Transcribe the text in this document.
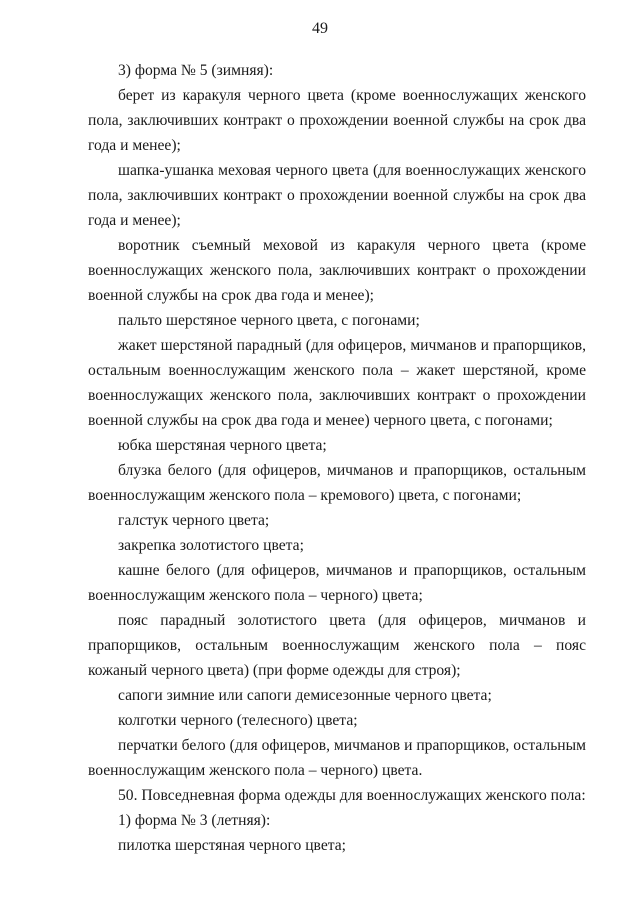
49

3) форма № 5 (зимняя):

берет из каракуля черного цвета (кроме военнослужащих женского пола, заключивших контракт о прохождении военной службы на срок два года и менее);

шапка-ушанка меховая черного цвета (для военнослужащих женского пола, заключивших контракт о прохождении военной службы на срок два года и менее);

воротник съемный меховой из каракуля черного цвета (кроме военнослужащих женского пола, заключивших контракт о прохождении военной службы на срок два года и менее);

пальто шерстяное черного цвета, с погонами;

жакет шерстяной парадный (для офицеров, мичманов и прапорщиков, остальным военнослужащим женского пола – жакет шерстяной, кроме военнослужащих женского пола, заключивших контракт о прохождении военной службы на срок два года и менее) черного цвета, с погонами;

юбка шерстяная черного цвета;

блузка белого (для офицеров, мичманов и прапорщиков, остальным военнослужащим женского пола – кремового) цвета, с погонами;

галстук черного цвета;

закрепка золотистого цвета;

кашне белого (для офицеров, мичманов и прапорщиков, остальным военнослужащим женского пола – черного) цвета;

пояс парадный золотистого цвета (для офицеров, мичманов и прапорщиков, остальным военнослужащим женского пола – пояс кожаный черного цвета) (при форме одежды для строя);

сапоги зимние или сапоги демисезонные черного цвета;

колготки черного (телесного) цвета;

перчатки белого (для офицеров, мичманов и прапорщиков, остальным военнослужащим женского пола – черного) цвета.

50. Повседневная форма одежды для военнослужащих женского пола:

1) форма № 3 (летняя):

пилотка шерстяная черного цвета;
